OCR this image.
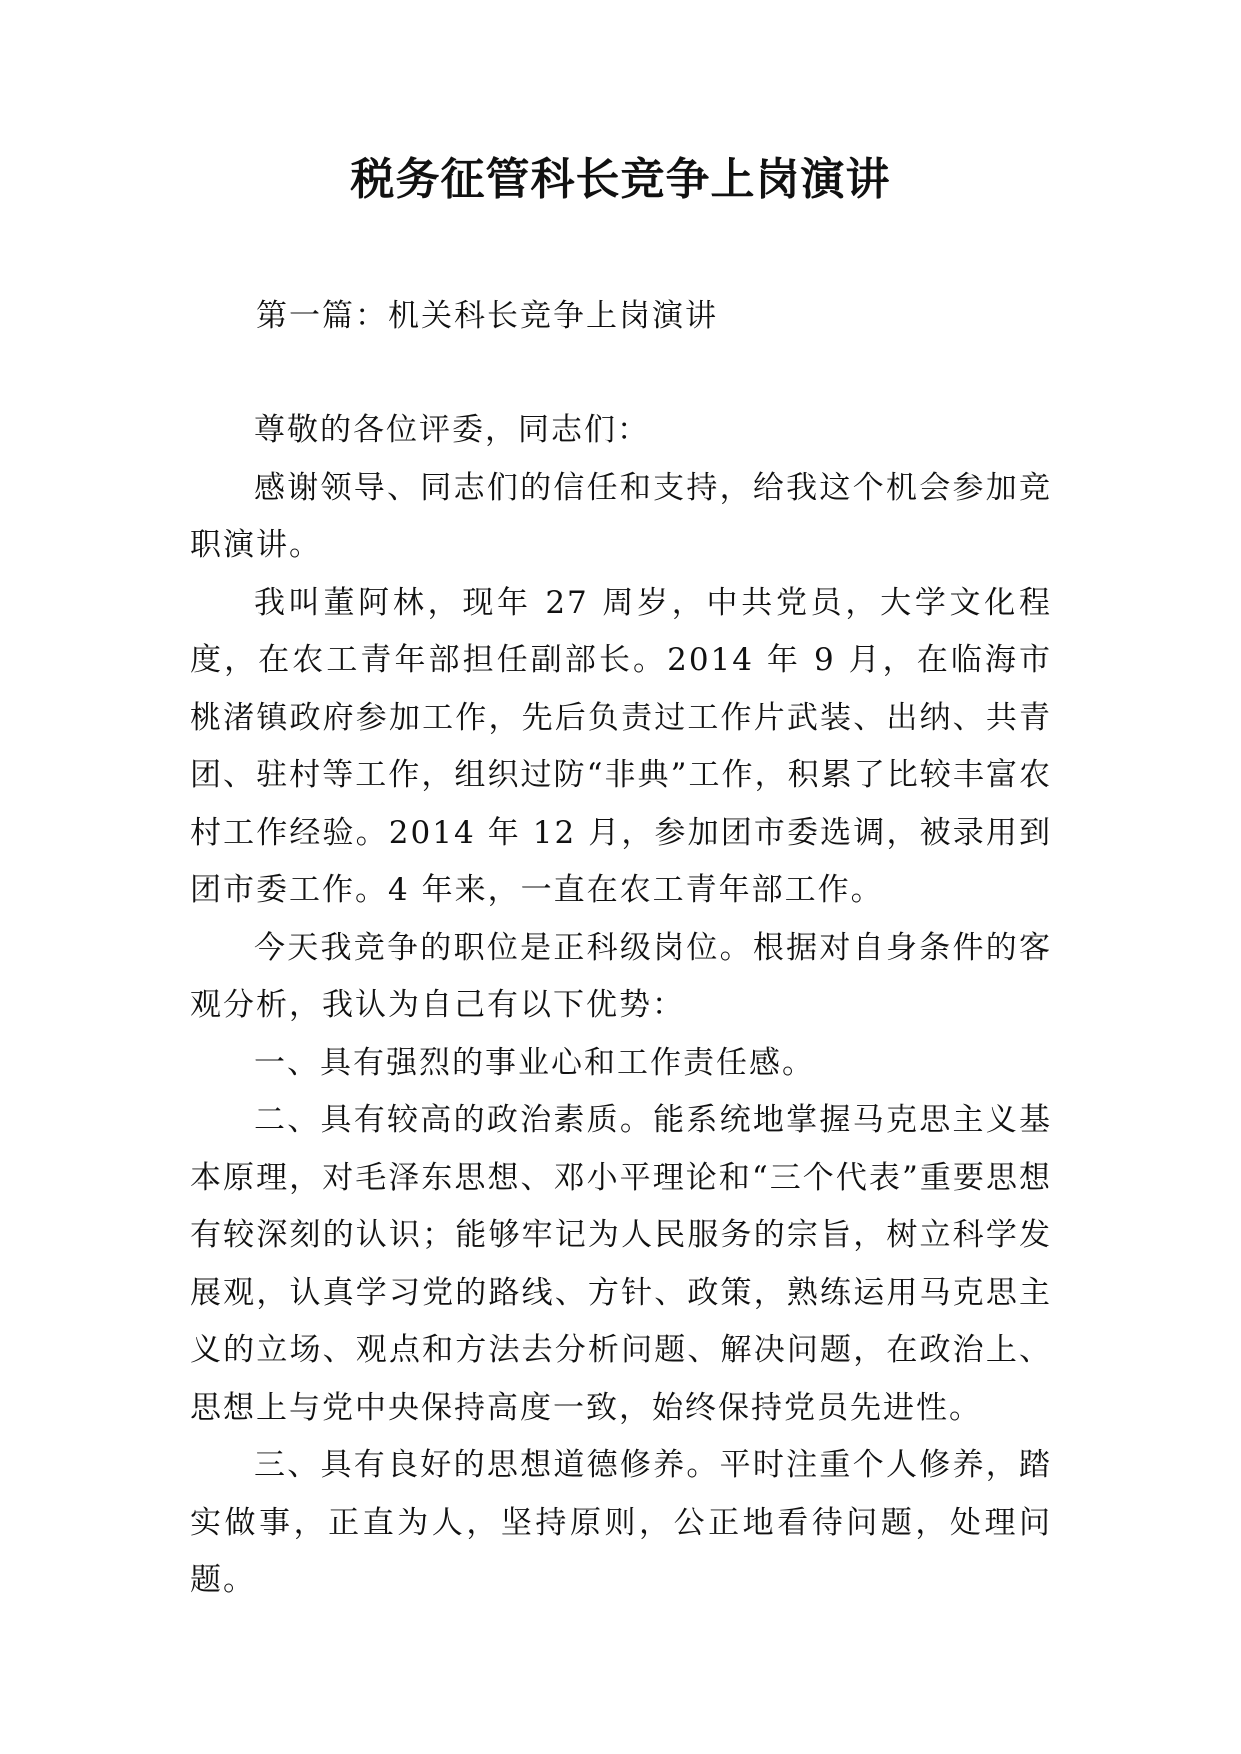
税务征管科长竞争上岗演讲

第一篇：机关科长竞争上岗演讲

尊敬的各位评委，同志们：

感谢领导、同志们的信任和支持，给我这个机会参加竞职演讲。

我叫董阿林，现年 27 周岁，中共党员，大学文化程度，在农工青年部担任副部长。2014 年 9 月，在临海市桃渚镇政府参加工作，先后负责过工作片武装、出纳、共青团、驻村等工作，组织过防“非典”工作，积累了比较丰富农村工作经验。2014 年 12 月，参加团市委选调，被录用到团市委工作。4 年来，一直在农工青年部工作。

今天我竞争的职位是正科级岗位。根据对自身条件的客观分析，我认为自己有以下优势：

一、具有强烈的事业心和工作责任感。

二、具有较高的政治素质。能系统地掌握马克思主义基本原理，对毛泽东思想、邓小平理论和“三个代表”重要思想有较深刻的认识；能够牢记为人民服务的宗旨，树立科学发展观，认真学习党的路线、方针、政策，熟练运用马克思主义的立场、观点和方法去分析问题、解决问题，在政治上、思想上与党中央保持高度一致，始终保持党员先进性。

三、具有良好的思想道德修养。平时注重个人修养，踏实做事，正直为人，坚持原则，公正地看待问题，处理问题。
